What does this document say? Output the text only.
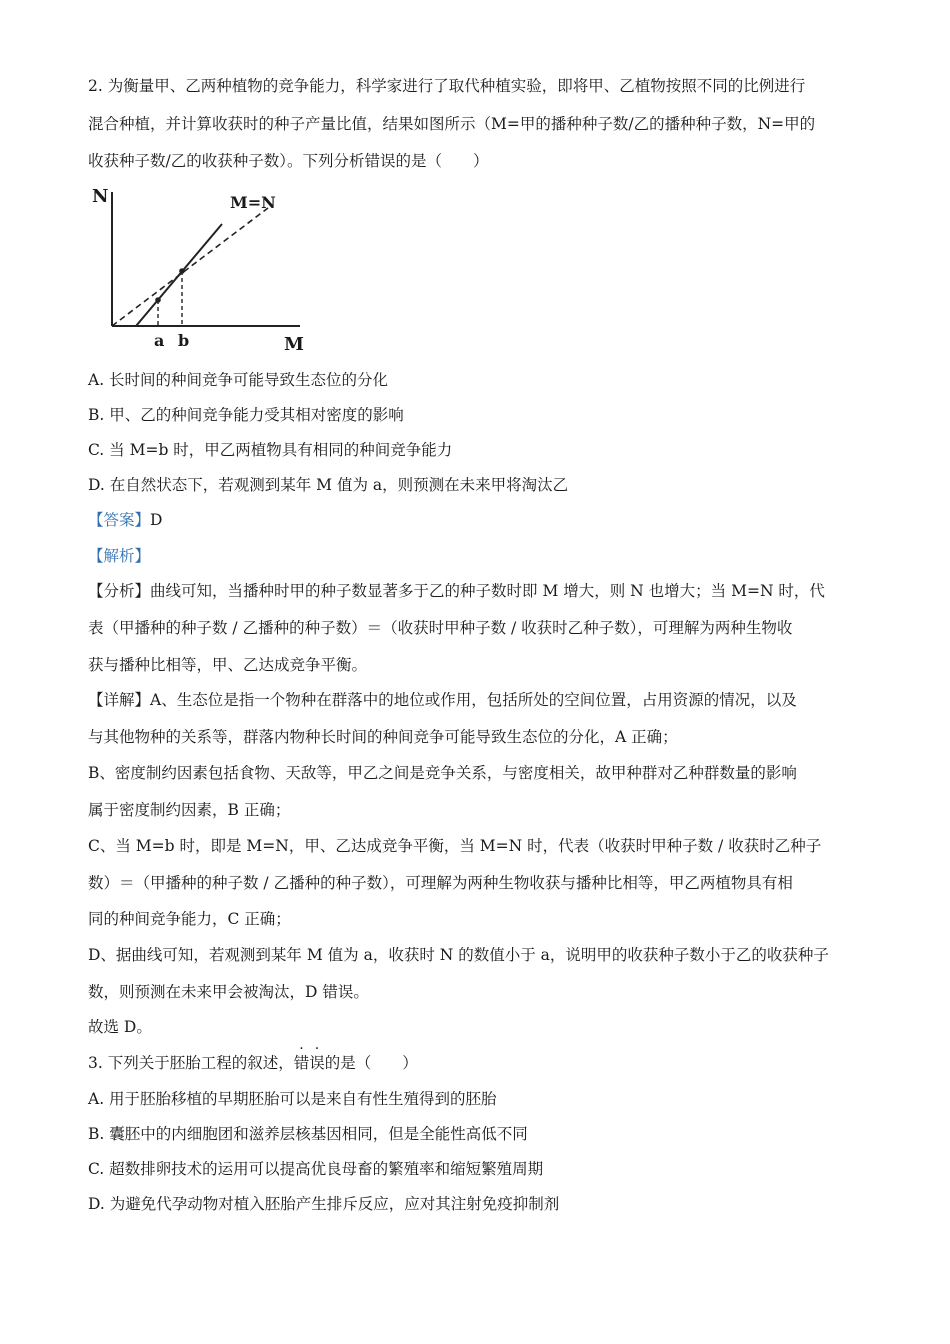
2. 为衡量甲、乙两种植物的竞争能力，科学家进行了取代种植实验，即将甲、乙植物按照不同的比例进行
混合种植，并计算收获时的种子产量比值，结果如图所示（M=甲的播种种子数/乙的播种种子数，N=甲的
收获种子数/乙的收获种子数）。下列分析错误的是（　　）
N
M
M=N
a b
A. 长时间的种间竞争可能导致生态位的分化
B. 甲、乙的种间竞争能力受其相对密度的影响
C. 当 M=b 时，甲乙两植物具有相同的种间竞争能力
D. 在自然状态下，若观测到某年 M 值为 a，则预测在未来甲将淘汰乙
【答案】D
【解析】
【分析】曲线可知，当播种时甲的种子数显著多于乙的种子数时即 M 增大，则 N 也增大；当 M=N 时，代
表（甲播种的种子数 / 乙播种的种子数）＝（收获时甲种子数 / 收获时乙种子数），可理解为两种生物收
获与播种比相等，甲、乙达成竞争平衡。
【详解】A、生态位是指一个物种在群落中的地位或作用，包括所处的空间位置，占用资源的情况，以及
与其他物种的关系等，群落内物种长时间的种间竞争可能导致生态位的分化，A 正确；
B、密度制约因素包括食物、天敌等，甲乙之间是竞争关系，与密度相关，故甲种群对乙种群数量的影响
属于密度制约因素，B 正确；
C、当 M=b 时，即是 M=N，甲、乙达成竞争平衡，当 M=N 时，代表（收获时甲种子数 / 收获时乙种子
数）＝（甲播种的种子数 / 乙播种的种子数），可理解为两种生物收获与播种比相等，甲乙两植物具有相
同的种间竞争能力，C 正确；
D、据曲线可知，若观测到某年 M 值为 a，收获时 N 的数值小于 a，说明甲的收获种子数小于乙的收获种子
数，则预测在未来甲会被淘汰，D 错误。
故选 D。
3. 下列关于胚胎工程的叙述，错误的是（　　）
A. 用于胚胎移植的早期胚胎可以是来自有性生殖得到的胚胎
B. 囊胚中的内细胞团和滋养层核基因相同，但是全能性高低不同
C. 超数排卵技术的运用可以提高优良母畜的繁殖率和缩短繁殖周期
D. 为避免代孕动物对植入胚胎产生排斥反应，应对其注射免疫抑制剂
